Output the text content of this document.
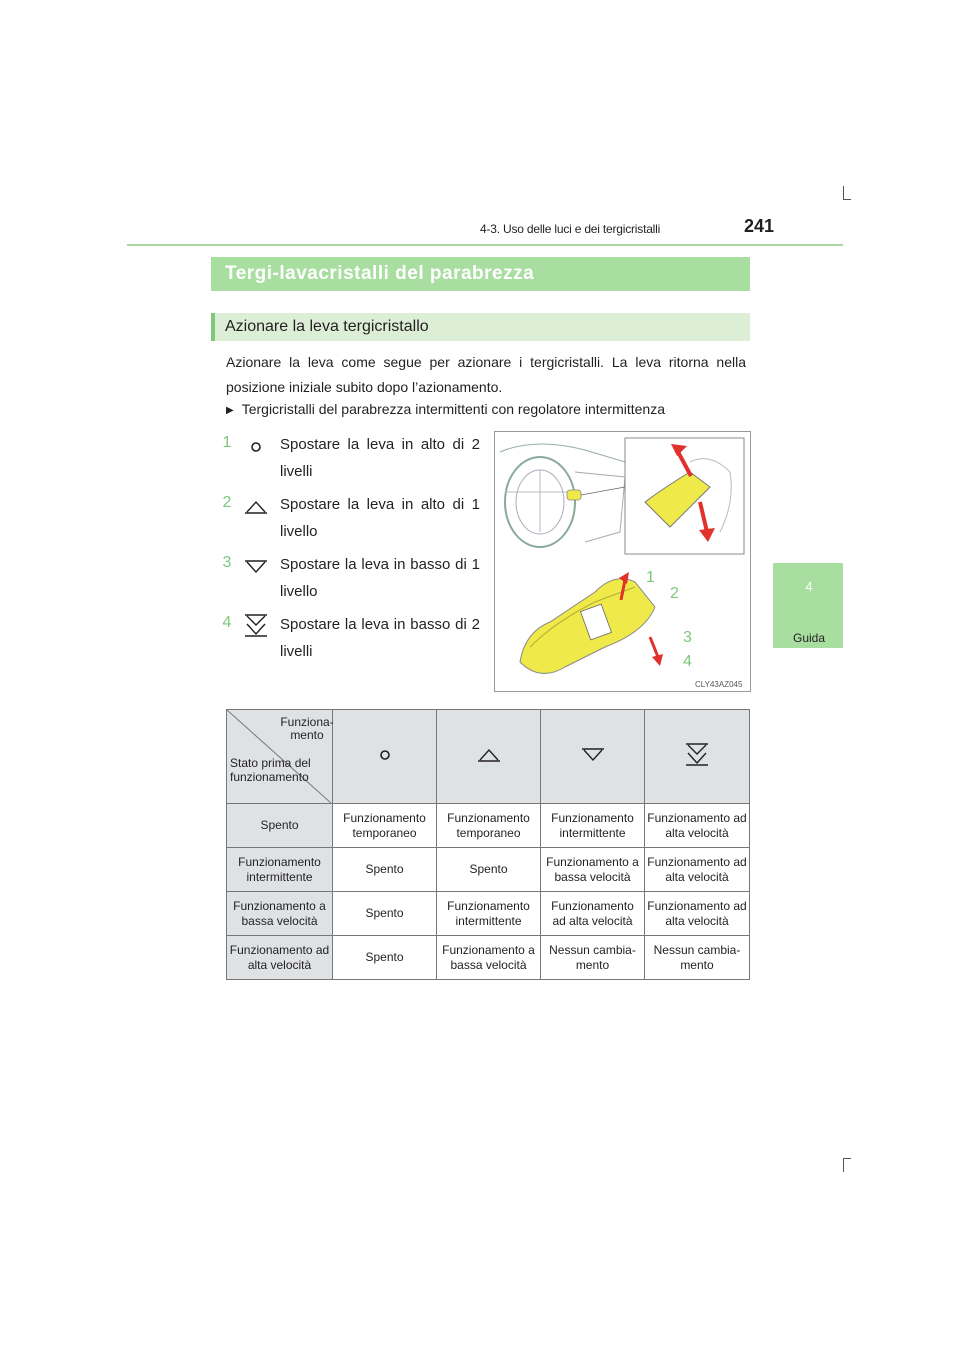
4-3. Uso delle luci e dei tergicristalli	241
4
Guida
Tergi-lavacristalli del parabrezza
Azionare la leva tergicristallo
Azionare la leva come segue per azionare i tergicristalli. La leva ritorna nella posizione iniziale subito dopo l’azionamento.
▶ Tergicristalli del parabrezza intermittenti con regolatore intermittenza
1	Spostare la leva in alto di 2 livelli
2	Spostare la leva in alto di 1 livello
3	Spostare la leva in basso di 1 livello
4	Spostare la leva in basso di 2 livelli
1
2
3
4
CLY43AZ045
Funziona- mento
Stato prima del funzionamento

Spento	Funzionamento temporaneo	Funzionamento temporaneo	Funzionamento intermittente	Funzionamento ad alta velocità
Funzionamento intermittente	Spento	Spento	Funzionamento a bassa velocità	Funzionamento ad alta velocità
Funzionamento a bassa velocità	Spento	Funzionamento intermittente	Funzionamento ad alta velocità	Funzionamento ad alta velocità
Funzionamento ad alta velocità	Spento	Funzionamento a bassa velocità	Nessun cambia- mento	Nessun cambia- mento
